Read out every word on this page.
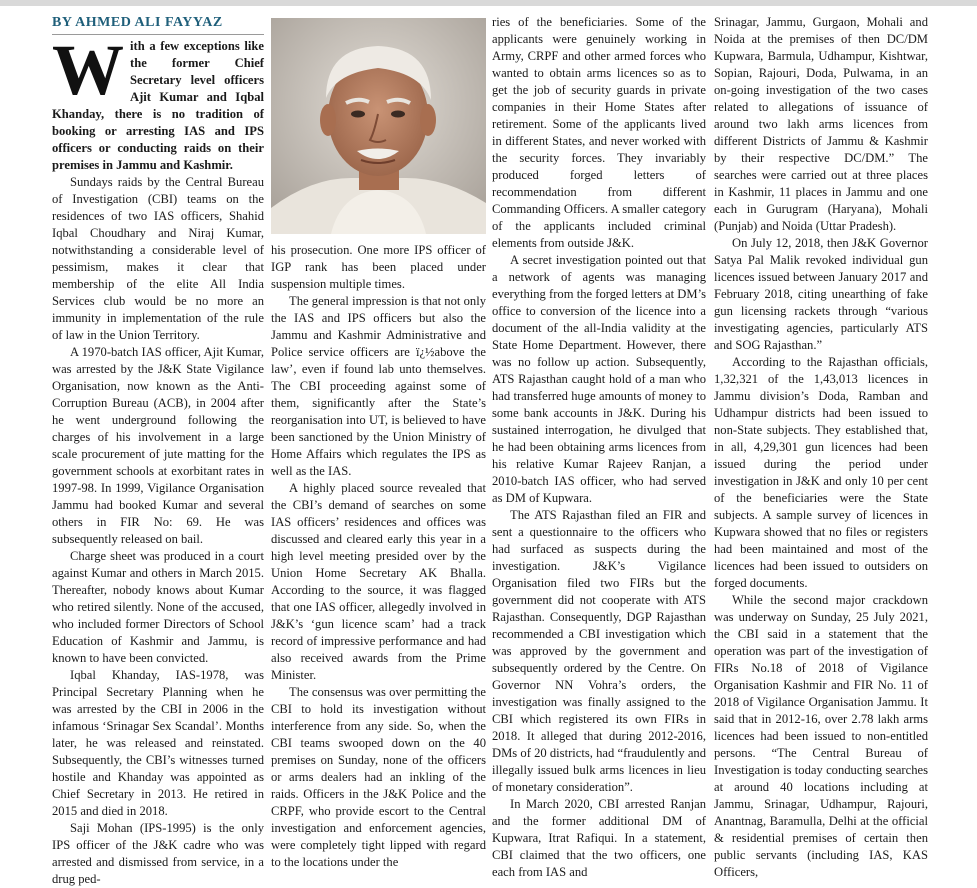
BY AHMED ALI FAYYAZ

With a few exceptions like the former Chief Secretary level officers Ajit Kumar and Iqbal Khanday, there is no tradition of booking or arresting IAS and IPS officers or conducting raids on their premises in Jammu and Kashmir.

Sundays raids by the Central Bureau of Investigation (CBI) teams on the residences of two IAS officers, Shahid Iqbal Choudhary and Niraj Kumar, notwithstanding a considerable level of pessimism, makes it clear that membership of the elite All India Services club would be no more an immunity in implementation of the rule of law in the Union Territory.

A 1970-batch IAS officer, Ajit Kumar, was arrested by the J&K State Vigilance Organisation, now known as the Anti-Corruption Bureau (ACB), in 2004 after he went underground following the charges of his involvement in a large scale procurement of jute matting for the government schools at exorbitant rates in 1997-98. In 1999, Vigilance Organisation Jammu had booked Kumar and several others in FIR No: 69. He was subsequently released on bail.

Charge sheet was produced in a court against Kumar and others in March 2015. Thereafter, nobody knows about Kumar who retired silently. None of the accused, who included former Directors of School Education of Kashmir and Jammu, is known to have been convicted.

Iqbal Khanday, IAS-1978, was Principal Secretary Planning when he was arrested by the CBI in 2006 in the infamous ‘Srinagar Sex Scandal’. Months later, he was released and reinstated. Subsequently, the CBI’s witnesses turned hostile and Khanday was appointed as Chief Secretary in 2013. He retired in 2015 and died in 2018.

Saji Mohan (IPS-1995) is the only IPS officer of the J&K cadre who was arrested and dismissed from service, in a drug ped-

his prosecution. One more IPS officer of IGP rank has been placed under suspension multiple times.

The general impression is that not only the IAS and IPS officers but also the Jammu and Kashmir Administrative and Police service officers are ï¿½above the law’, even if found lab unto themselves. The CBI proceeding against some of them, significantly after the State’s reorganisation into UT, is believed to have been sanctioned by the Union Ministry of Home Affairs which regulates the IPS as well as the IAS.

A highly placed source revealed that the CBI’s demand of searches on some IAS officers’ residences and offices was discussed and cleared early this year in a high level meeting presided over by the Union Home Secretary AK Bhalla. According to the source, it was flagged that one IAS officer, allegedly involved in J&K’s ‘gun licence scam’ had a track record of impressive performance and had also received awards from the Prime Minister.

The consensus was over permitting the CBI to hold its investigation without interference from any side. So, when the CBI teams swooped down on the 40 premises on Sunday, none of the officers or arms dealers had an inkling of the raids. Officers in the J&K Police and the CRPF, who provide escort to the Central investigation and enforcement agencies, were completely tight lipped with regard to the locations under the

ries of the beneficiaries. Some of the applicants were genuinely working in Army, CRPF and other armed forces who wanted to obtain arms licences so as to get the job of security guards in private companies in their Home States after retirement. Some of the applicants lived in different States, and never worked with the security forces. They invariably produced forged letters of recommendation from different Commanding Officers. A smaller category of the applicants included criminal elements from outside J&K.

A secret investigation pointed out that a network of agents was managing everything from the forged letters at DM’s office to conversion of the licence into a document of the all-India validity at the State Home Department. However, there was no follow up action. Subsequently, ATS Rajasthan caught hold of a man who had transferred huge amounts of money to some bank accounts in J&K. During his sustained interrogation, he divulged that he had been obtaining arms licences from his relative Kumar Rajeev Ranjan, a 2010-batch IAS officer, who had served as DM of Kupwara.

The ATS Rajasthan filed an FIR and sent a questionnaire to the officers who had surfaced as suspects during the investigation. J&K’s Vigilance Organisation filed two FIRs but the government did not cooperate with ATS Rajasthan. Consequently, DGP Rajasthan recommended a CBI investigation which was approved by the government and subsequently ordered by the Centre. On Governor NN Vohra’s orders, the investigation was finally assigned to the CBI which registered its own FIRs in 2018. It alleged that during 2012-2016, DMs of 20 districts, had “fraudulently and illegally issued bulk arms licences in lieu of monetary consideration”.

In March 2020, CBI arrested Ranjan and the former additional DM of Kupwara, Itrat Rafiqui. In a statement, CBI claimed that the two officers, one each from IAS and

Srinagar, Jammu, Gurgaon, Mohali and Noida at the premises of then DC/DM Kupwara, Barmula, Udhampur, Kishtwar, Sopian, Rajouri, Doda, Pulwama, in an on-going investigation of the two cases related to allegations of issuance of around two lakh arms licences from different Districts of Jammu & Kashmir by their respective DC/DM.” The searches were carried out at three places in Kashmir, 11 places in Jammu and one each in Gurugram (Haryana), Mohali (Punjab) and Noida (Uttar Pradesh).

On July 12, 2018, then J&K Governor Satya Pal Malik revoked individual gun licences issued between January 2017 and February 2018, citing unearthing of fake gun licensing rackets through “various investigating agencies, particularly ATS and SOG Rajasthan.”

According to the Rajasthan officials, 1,32,321 of the 1,43,013 licences in Jammu division’s Doda, Ramban and Udhampur districts had been issued to non-State subjects. They established that, in all, 4,29,301 gun licences had been issued during the period under investigation in J&K and only 10 per cent of the beneficiaries were the State subjects. A sample survey of licences in Kupwara showed that no files or registers had been maintained and most of the licences had been issued to outsiders on forged documents.

While the second major crackdown was underway on Sunday, 25 July 2021, the CBI said in a statement that the operation was part of the investigation of FIRs No.18 of 2018 of Vigilance Organisation Kashmir and FIR No. 11 of 2018 of Vigilance Organisation Jammu. It said that in 2012-16, over 2.78 lakh arms licences had been issued to non-entitled persons. “The Central Bureau of Investigation is today conducting searches at around 40 locations including at Jammu, Srinagar, Udhampur, Rajouri, Anantnag, Baramulla, Delhi at the official & residential premises of certain then public servants (including IAS, KAS Officers,
